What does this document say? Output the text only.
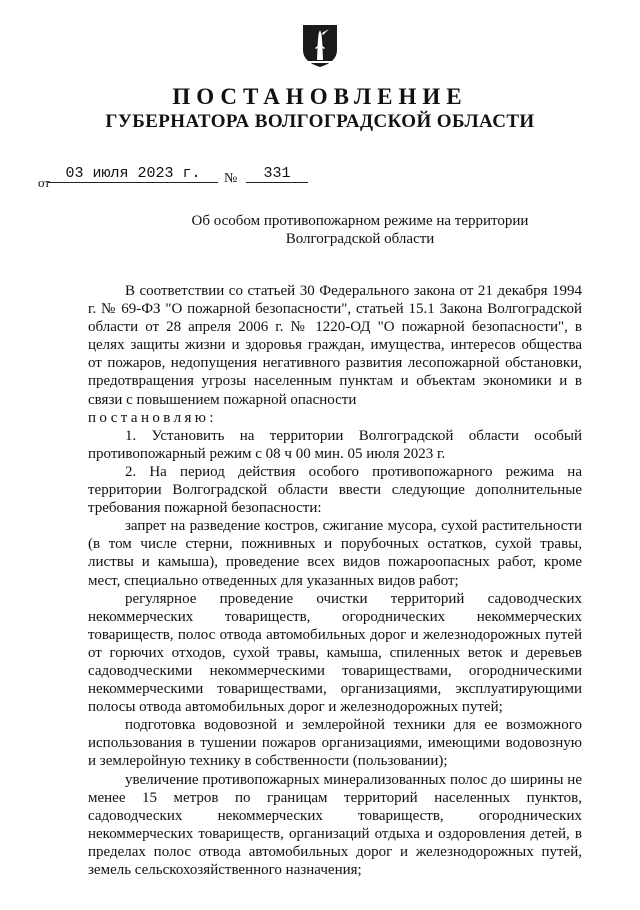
ПОСТАНОВЛЕНИЕ
ГУБЕРНАТОРА ВОЛГОГРАДСКОЙ ОБЛАСТИ
от
03 июля 2023 г.	№	331
Об особом противопожарном режиме на территории
Волгоградской области

В соответствии со статьей 30 Федерального закона от 21 декабря 1994 г. № 69-ФЗ "О пожарной безопасности", статьей 15.1 Закона Волгоградской области от 28 апреля 2006 г. № 1220-ОД "О пожарной безопасности", в целях защиты жизни и здоровья граждан, имущества, интересов общества от пожаров, недопущения негативного развития лесопожарной обстановки, предотвращения угрозы населенным пунктам и объектам экономики и в связи с повышением пожарной опасности

постановляю:

1. Установить на территории Волгоградской области особый противопожарный режим с 08 ч 00 мин. 05 июля 2023 г.

2. На период действия особого противопожарного режима на территории Волгоградской области ввести следующие дополнительные требования пожарной безопасности:

запрет на разведение костров, сжигание мусора, сухой растительности (в том числе стерни, пожнивных и порубочных остатков, сухой травы, листвы и камыша), проведение всех видов пожароопасных работ, кроме мест, специально отведенных для указанных видов работ;

регулярное проведение очистки территорий садоводческих некоммерческих товариществ, огороднических некоммерческих товариществ, полос отвода автомобильных дорог и железнодорожных путей от горючих отходов, сухой травы, камыша, спиленных веток и деревьев садоводческими некоммерческими товариществами, огородническими некоммерческими товариществами, организациями, эксплуатирующими полосы отвода автомобильных дорог и железнодорожных путей;

подготовка водовозной и землеройной техники для ее возможного использования в тушении пожаров организациями, имеющими водовозную и землеройную технику в собственности (пользовании);

увеличение противопожарных минерализованных полос до ширины не менее 15 метров по границам территорий населенных пунктов, садоводческих некоммерческих товариществ, огороднических некоммерческих товариществ, организаций отдыха и оздоровления детей, в пределах полос отвода автомобильных дорог и железнодорожных путей, земель сельскохозяйственного назначения;
